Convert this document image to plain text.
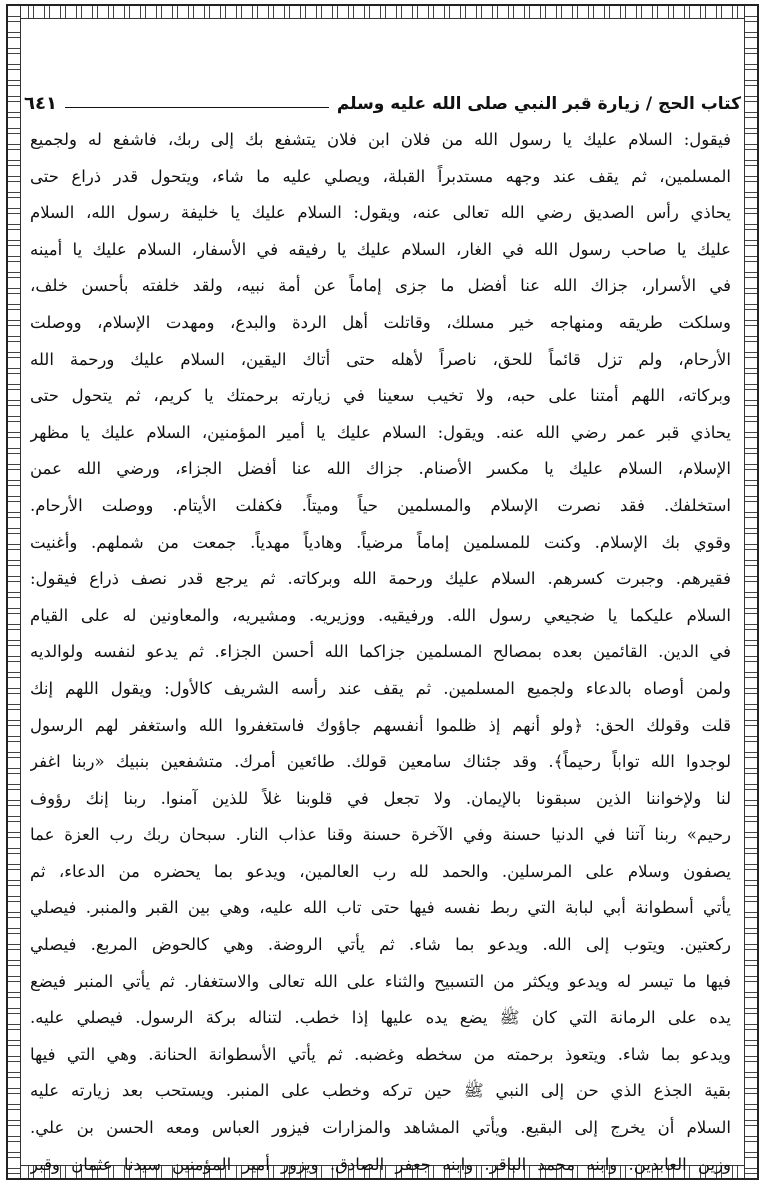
كتاب الحج / زيارة قبر النبي صلى الله عليه وسلم
٦٤١
فيقول: السلام عليك يا رسول الله من فلان ابن فلان يتشفع بك إلى ربك، فاشفع له ولجميع
المسلمين، ثم يقف عند وجهه مستدبراً القبلة، ويصلي عليه ما شاء، ويتحول قدر ذراع حتى
يحاذي رأس الصديق رضي الله تعالى عنه، ويقول: السلام عليك يا خليفة رسول الله، السلام
عليك يا صاحب رسول الله في الغار، السلام عليك يا رفيقه في الأسفار، السلام عليك يا أمينه
في الأسرار، جزاك الله عنا أفضل ما جزى إماماً عن أمة نبيه، ولقد خلفته بأحسن خلف،
وسلكت طريقه ومنهاجه خير مسلك، وقاتلت أهل الردة والبدع، ومهدت الإسلام، ووصلت
الأرحام، ولم تزل قائماً للحق، ناصراً لأهله حتى أتاك اليقين، السلام عليك ورحمة الله
وبركاته، اللهم أمتنا على حبه، ولا تخيب سعينا في زيارته برحمتك يا كريم، ثم يتحول حتى
يحاذي قبر عمر رضي الله عنه. ويقول: السلام عليك يا أمير المؤمنين، السلام عليك يا مظهر
الإسلام، السلام عليك يا مكسر الأصنام. جزاك الله عنا أفضل الجزاء، ورضي الله عمن
استخلفك. فقد نصرت الإسلام والمسلمين حياً وميتاً. فكفلت الأيتام. ووصلت الأرحام.
وقوي بك الإسلام. وكنت للمسلمين إماماً مرضياً. وهادياً مهدياً. جمعت من شملهم. وأغنيت
فقيرهم. وجبرت كسرهم. السلام عليك ورحمة الله وبركاته. ثم يرجع قدر نصف ذراع فيقول:
السلام عليكما يا ضجيعي رسول الله. ورفيقيه. ووزيريه. ومشيريه، والمعاونين له على القيام
في الدين. القائمين بعده بمصالح المسلمين جزاكما الله أحسن الجزاء. ثم يدعو لنفسه ولوالديه
ولمن أوصاه بالدعاء ولجميع المسلمين. ثم يقف عند رأسه الشريف كالأول: ويقول اللهم إنك
قلت وقولك الحق: ﴿ولو أنهم إذ ظلموا أنفسهم جاؤوك فاستغفروا الله واستغفر لهم الرسول
لوجدوا الله تواباً رحيماً﴾. وقد جئناك سامعين قولك. طائعين أمرك. متشفعين بنبيك «ربنا اغفر
لنا ولإخواننا الذين سبقونا بالإيمان. ولا تجعل في قلوبنا غلاً للذين آمنوا. ربنا إنك رؤوف
رحيم» ربنا آتنا في الدنيا حسنة وفي الآخرة حسنة وقنا عذاب النار. سبحان ربك رب العزة عما
يصفون وسلام على المرسلين. والحمد لله رب العالمين، ويدعو بما يحضره من الدعاء، ثم
يأتي أسطوانة أبي لبابة التي ربط نفسه فيها حتى تاب الله عليه، وهي بين القبر والمنبر. فيصلي
ركعتين. ويتوب إلى الله. ويدعو بما شاء. ثم يأتي الروضة. وهي كالحوض المربع. فيصلي
فيها ما تيسر له ويدعو ويكثر من التسبيح والثناء على الله تعالى والاستغفار. ثم يأتي المنبر فيضع
يده على الرمانة التي كان ﷺ يضع يده عليها إذا خطب. لتناله بركة الرسول. فيصلي عليه.
ويدعو بما شاء. ويتعوذ برحمته من سخطه وغضبه. ثم يأتي الأسطوانة الحنانة. وهي التي فيها
بقية الجذع الذي حن إلى النبي ﷺ حين تركه وخطب على المنبر. ويستحب بعد زيارته عليه
السلام أن يخرج إلى البقيع. ويأتي المشاهد والمزارات فيزور العباس ومعه الحسن بن علي.
وزين العابدين. وابنه محمد الباقر. وابنه جعفر الصادق. ويزور أمير المؤمنين سيدنا عثمان وقبر
